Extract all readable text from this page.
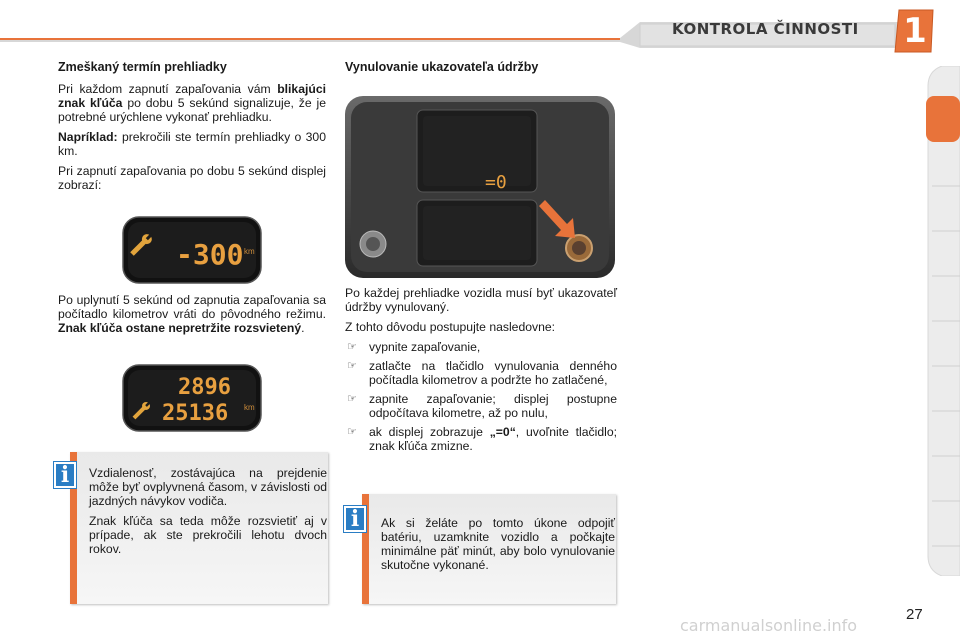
KONTROLA ČINNOSTI 1
Zmeškaný termín prehliadky

Pri každom zapnutí zapaľovania vám blikajúci znak kľúča po dobu 5 sekúnd signalizuje, že je potrebné urýchlene vykonať prehliadku.

Napríklad: prekročili ste termín prehliadky o 300 km.

Pri zapnutí zapaľovania po dobu 5 sekúnd displej zobrazí:

-300 km

Po uplynutí 5 sekúnd od zapnutia zapaľovania sa počítadlo kilometrov vráti do pôvodného režimu. Znak kľúča ostane nepretržite rozsvietený.

2896
25136 km

Vzdialenosť, zostávajúca na prejdenie môže byť ovplyvnená časom, v závislosti od jazdných návykov vodiča.

Znak kľúča sa teda môže rozsvietiť aj v prípade, ak ste prekročili lehotu dvoch rokov.

i
Vynulovanie ukazovateľa údržby
=0

Po každej prehliadke vozidla musí byť ukazovateľ údržby vynulovaný.

Z tohto dôvodu postupujte nasledovne:

☞ vypnite zapaľovanie,
☞ zatlačte na tlačidlo vynulovania denného počítadla kilometrov a podržte ho zatlačené,
☞ zapnite zapaľovanie; displej postupne odpočítava kilometre, až po nulu,
☞ ak displej zobrazuje „=0“, uvoľnite tlačidlo; znak kľúča zmizne.
Ak si želáte po tomto úkone odpojiť batériu, uzamknite vozidlo a počkajte minimálne päť minút, aby bolo vynulovanie skutočne vykonané.
i
27
carmanualsonline.info
